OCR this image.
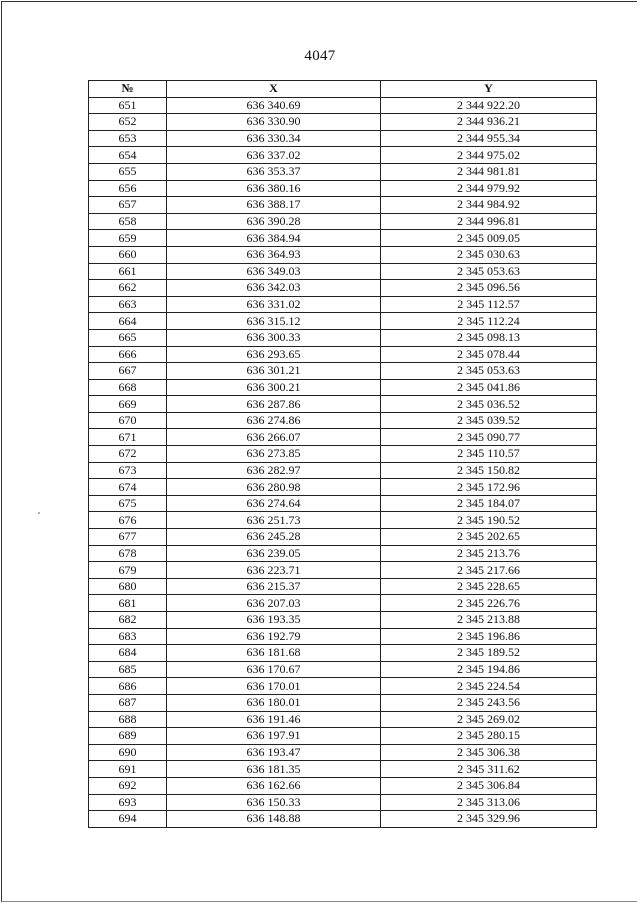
4047
№	X	Y
651	636 340.69	2 344 922.20
652	636 330.90	2 344 936.21
653	636 330.34	2 344 955.34
654	636 337.02	2 344 975.02
655	636 353.37	2 344 981.81
656	636 380.16	2 344 979.92
657	636 388.17	2 344 984.92
658	636 390.28	2 344 996.81
659	636 384.94	2 345 009.05
660	636 364.93	2 345 030.63
661	636 349.03	2 345 053.63
662	636 342.03	2 345 096.56
663	636 331.02	2 345 112.57
664	636 315.12	2 345 112.24
665	636 300.33	2 345 098.13
666	636 293.65	2 345 078.44
667	636 301.21	2 345 053.63
668	636 300.21	2 345 041.86
669	636 287.86	2 345 036.52
670	636 274.86	2 345 039.52
671	636 266.07	2 345 090.77
672	636 273.85	2 345 110.57
673	636 282.97	2 345 150.82
674	636 280.98	2 345 172.96
675	636 274.64	2 345 184.07
676	636 251.73	2 345 190.52
677	636 245.28	2 345 202.65
678	636 239.05	2 345 213.76
679	636 223.71	2 345 217.66
680	636 215.37	2 345 228.65
681	636 207.03	2 345 226.76
682	636 193.35	2 345 213.88
683	636 192.79	2 345 196.86
684	636 181.68	2 345 189.52
685	636 170.67	2 345 194.86
686	636 170.01	2 345 224.54
687	636 180.01	2 345 243.56
688	636 191.46	2 345 269.02
689	636 197.91	2 345 280.15
690	636 193.47	2 345 306.38
691	636 181.35	2 345 311.62
692	636 162.66	2 345 306.84
693	636 150.33	2 345 313.06
694	636 148.88	2 345 329.96
